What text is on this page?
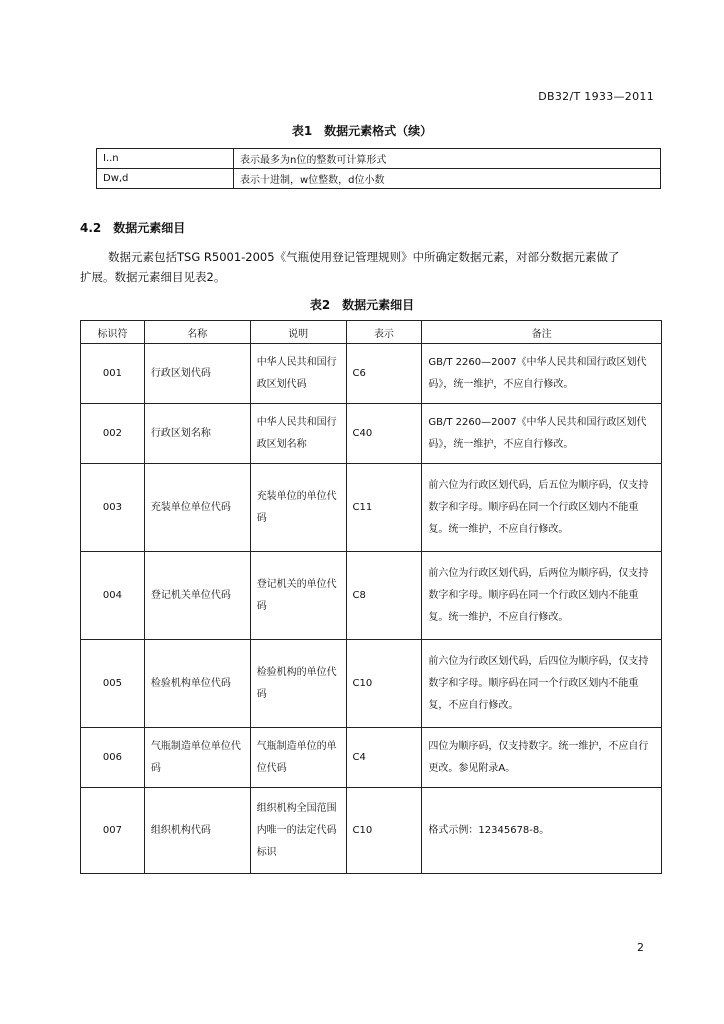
DB32/T 1933—2011
表1　数据元素格式（续）
I..n	表示最多为n位的整数可计算形式
Dw,d	表示十进制，w位整数，d位小数
4.2　数据元素细目
数据元素包括TSG R5001-2005《气瓶使用登记管理规则》中所确定数据元素，对部分数据元素做了
扩展。数据元素细目见表2。
表2　数据元素细目
标识符	名称	说明	表示	备注
001	行政区划代码	中华人民共和国行政区划代码	C6	GB/T 2260—2007《中华人民共和国行政区划代码》，统一维护，不应自行修改。
002	行政区划名称	中华人民共和国行政区划名称	C40	GB/T 2260—2007《中华人民共和国行政区划代码》，统一维护，不应自行修改。
003	充装单位单位代码	充装单位的单位代码	C11	前六位为行政区划代码，后五位为顺序码，仅支持数字和字母。顺序码在同一个行政区划内不能重复。统一维护，不应自行修改。
004	登记机关单位代码	登记机关的单位代码	C8	前六位为行政区划代码，后两位为顺序码，仅支持数字和字母。顺序码在同一个行政区划内不能重复。统一维护，不应自行修改。
005	检验机构单位代码	检验机构的单位代码	C10	前六位为行政区划代码，后四位为顺序码，仅支持数字和字母。顺序码在同一个行政区划内不能重复，不应自行修改。
006	气瓶制造单位单位代码	气瓶制造单位的单位代码	C4	四位为顺序码，仅支持数字。统一维护，不应自行更改。参见附录A。
007	组织机构代码	组织机构全国范围内唯一的法定代码标识	C10	格式示例：12345678-8。
2
